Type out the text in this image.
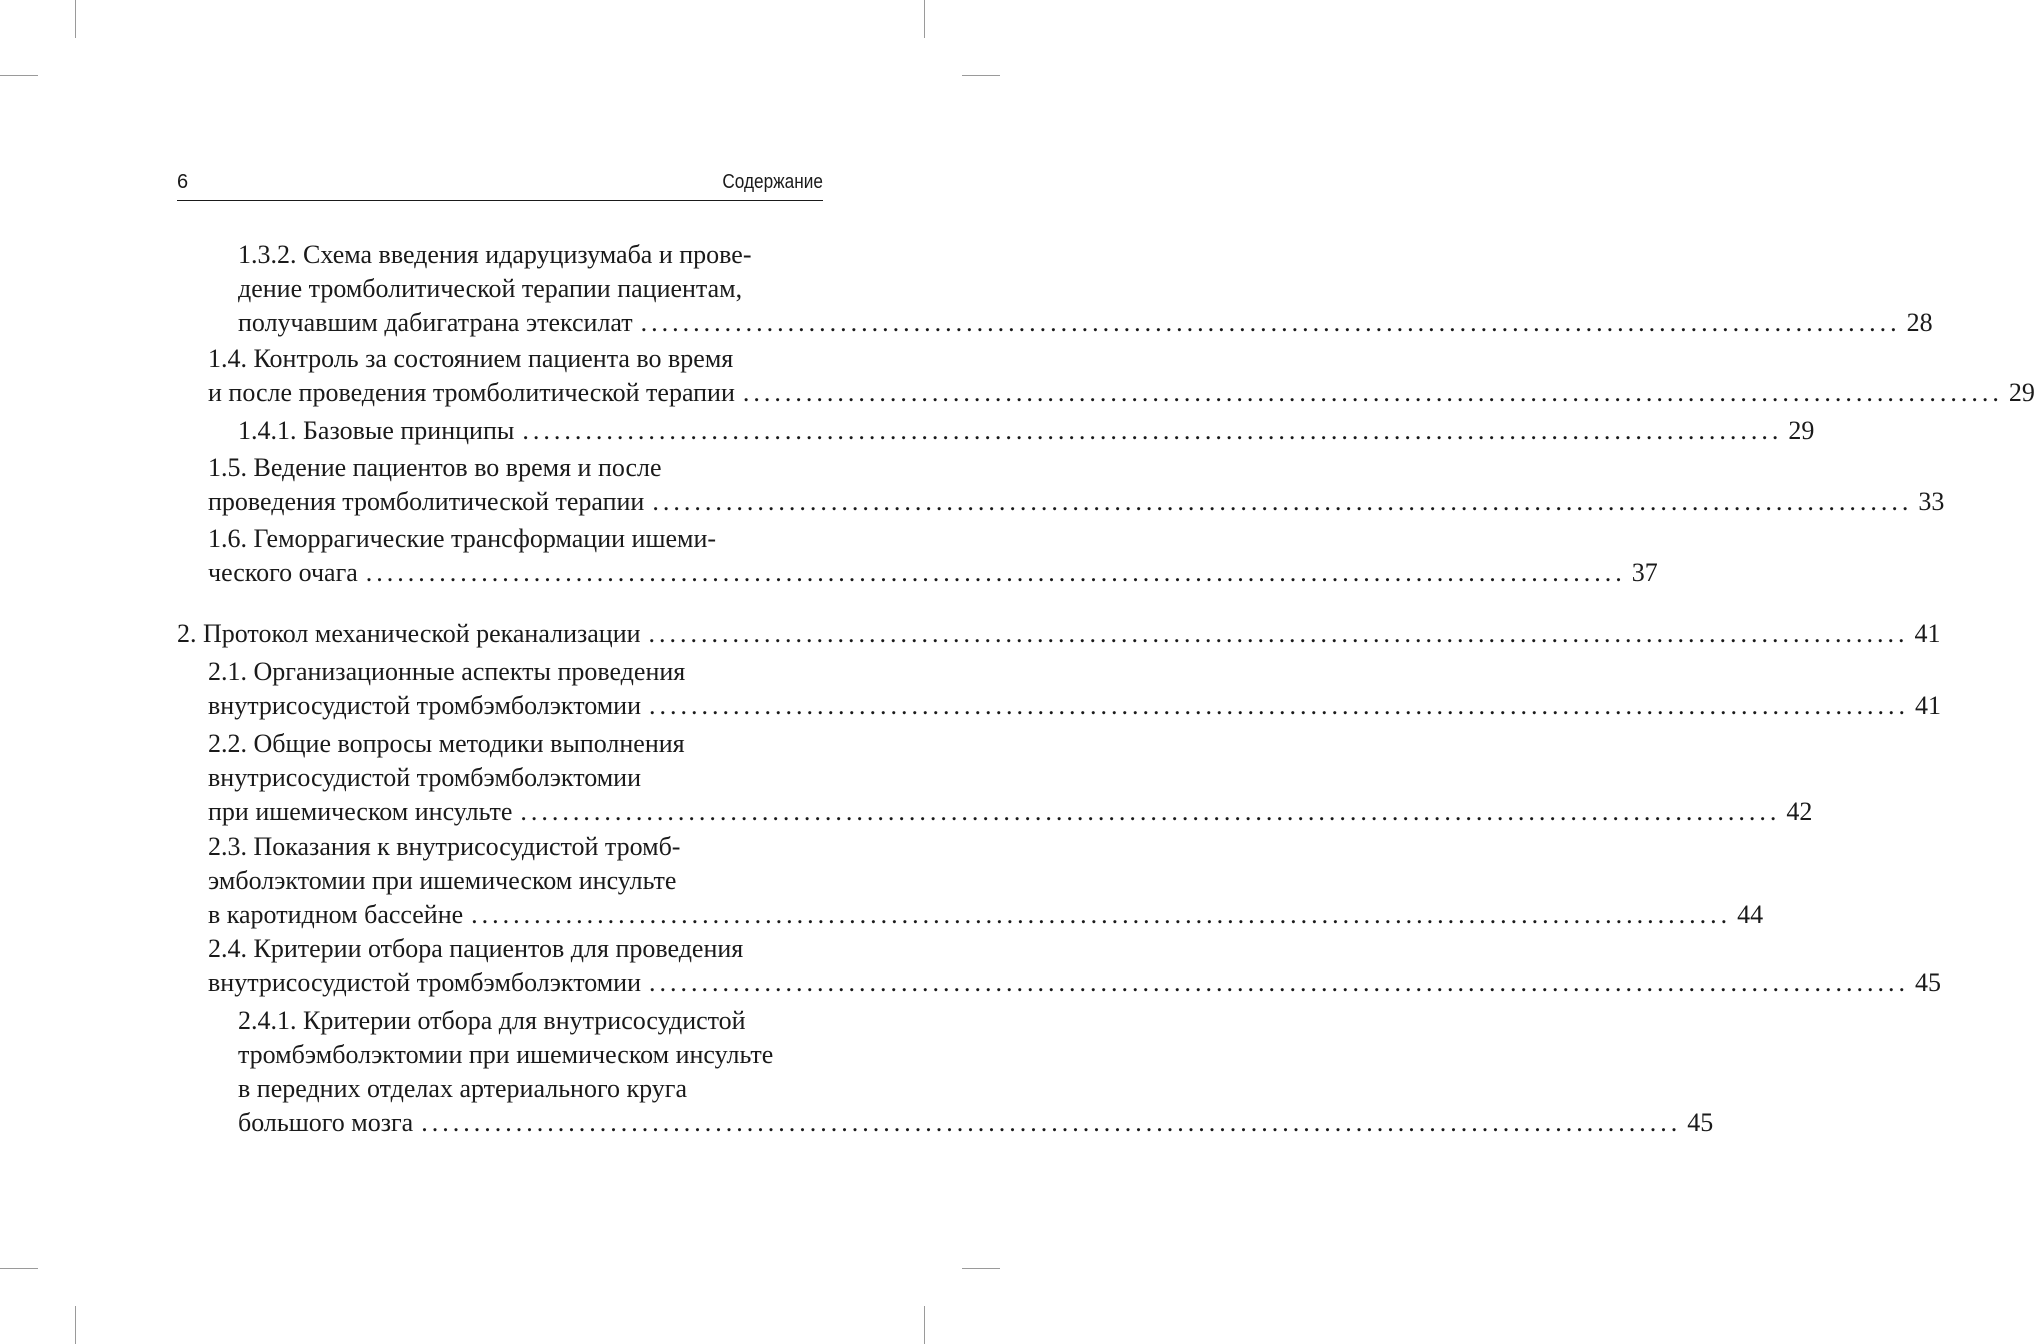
6	Содержание
1.3.2. Схема введения идаруцизумаба и прове-
дение тромболитической терапии пациентам,
получавшим дабигатрана этексилат ........................................................................................................................ 28
1.4. Контроль за состоянием пациента во время
и после проведения тромболитической терапии ........................................................................................................................ 29
1.4.1. Базовые принципы ........................................................................................................................ 29
1.5. Ведение пациентов во время и после
проведения тромболитической терапии ........................................................................................................................ 33
1.6. Геморрагические трансформации ишеми-
ческого очага ........................................................................................................................ 37
2. Протокол механической реканализации ........................................................................................................................ 41
2.1. Организационные аспекты проведения
внутрисосудистой тромбэмболэктомии ........................................................................................................................ 41
2.2. Общие вопросы методики выполнения
внутрисосудистой тромбэмболэктомии
при ишемическом инсульте ........................................................................................................................ 42
2.3. Показания к внутрисосудистой тромб-
эмболэктомии при ишемическом инсульте
в каротидном бассейне ........................................................................................................................ 44
2.4. Критерии отбора пациентов для проведения
внутрисосудистой тромбэмболэктомии ........................................................................................................................ 45
2.4.1. Критерии отбора для внутрисосудистой
тромбэмболэктомии при ишемическом инсульте
в передних отделах артериального круга
большого мозга ........................................................................................................................ 45
